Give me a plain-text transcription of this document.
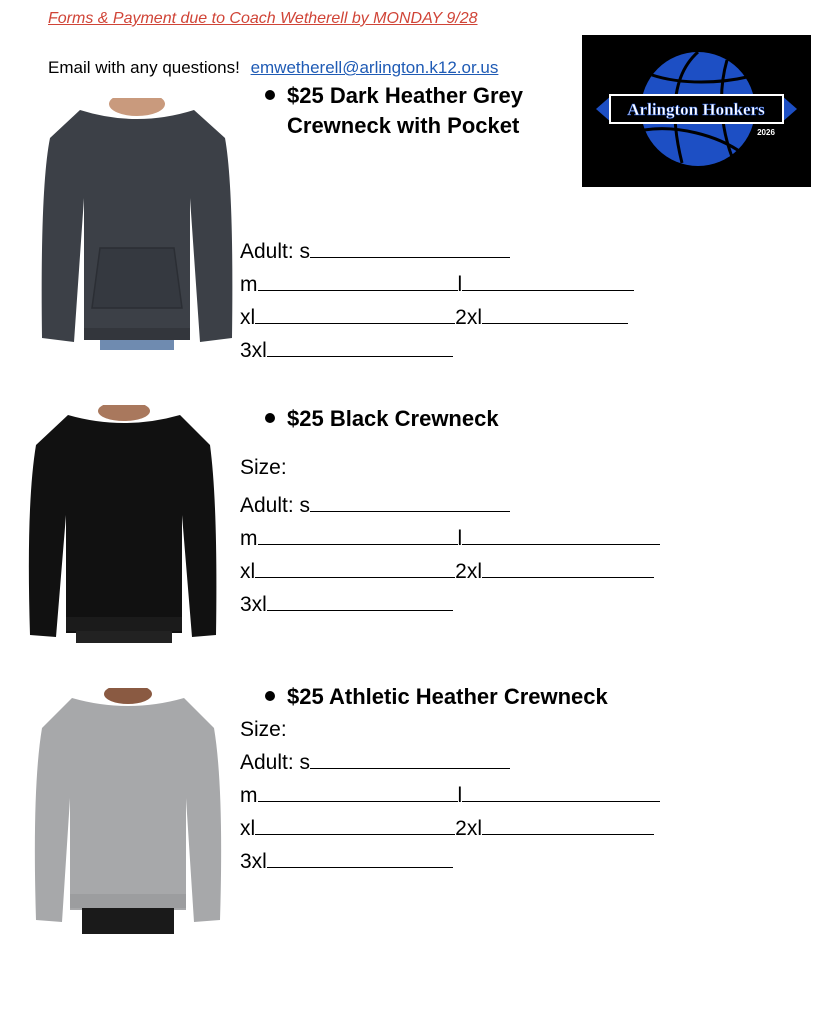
Forms & Payment due to Coach Wetherell by MONDAY 9/28
Email with any questions! emwetherell@arlington.k12.or.us
Arlington Honkers
2026
$25 Dark Heather Grey
Crewneck with Pocket
Adult: s
m	l
xl	2xl
3xl
$25 Black Crewneck
Size:
Adult: s
m	l
xl	2xl
3xl
$25 Athletic Heather Crewneck
Size:
Adult: s
m	l
xl	2xl
3xl
